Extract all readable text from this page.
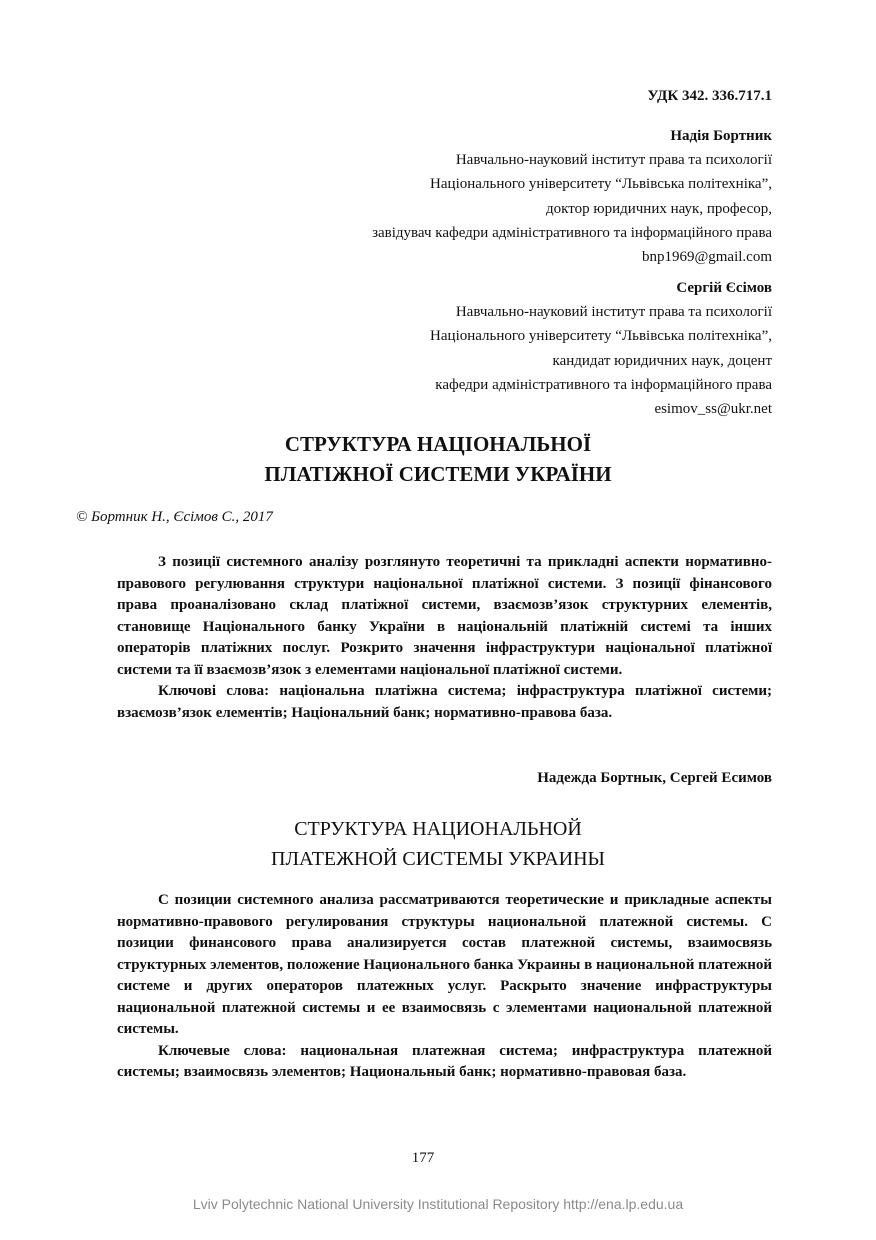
УДК 342. 336.717.1
Надія Бортник
Навчально-науковий інститут права та психології
Національного університету “Львівська політехніка”,
доктор юридичних наук, професор,
завідувач кафедри адміністративного та інформаційного права
bnp1969@gmail.com
Сергій Єсімов
Навчально-науковий інститут права та психології
Національного університету “Львівська політехніка”,
кандидат юридичних наук, доцент
кафедри адміністративного та інформаційного права
esimov_ss@ukr.net
СТРУКТУРА НАЦІОНАЛЬНОЇ
ПЛАТІЖНОЇ СИСТЕМИ УКРАЇНИ
© Бортник Н., Єсімов С., 2017

З позиції системного аналізу розглянуто теоретичні та прикладні аспекти нормативно-правового регулювання структури національної платіжної системи. З позиції фінансового права проаналізовано склад платіжної системи, взаємозв’язок структурних елементів, становище Національного банку України в національній платіжній системі та інших операторів платіжних послуг. Розкрито значення інфраструктури національної платіжної системи та її взаємозв’язок з елементами національної платіжної системи.

Ключові слова: національна платіжна система; інфраструктура платіжної системи; взаємозв’язок елементів; Національний банк; нормативно-правова база.

Надежда Бортнык, Сергей Есимов
СТРУКТУРА НАЦИОНАЛЬНОЙ
ПЛАТЕЖНОЙ СИСТЕМЫ УКРАИНЫ

С позиции системного анализа рассматриваются теоретические и прикладные аспекты нормативно-правового регулирования структуры национальной платежной системы. С позиции финансового права анализируется состав платежной системы, взаимосвязь структурных элементов, положение Национального банка Украины в национальной платежной системе и других операторов платежных услуг. Раскрыто значение инфраструктуры национальной платежной системы и ее взаимосвязь с элементами национальной платежной системы.

Ключевые слова: национальная платежная система; инфраструктура платежной системы; взаимосвязь элементов; Национальный банк; нормативно-правовая база.

177
Lviv Polytechnic National University Institutional Repository http://ena.lp.edu.ua
